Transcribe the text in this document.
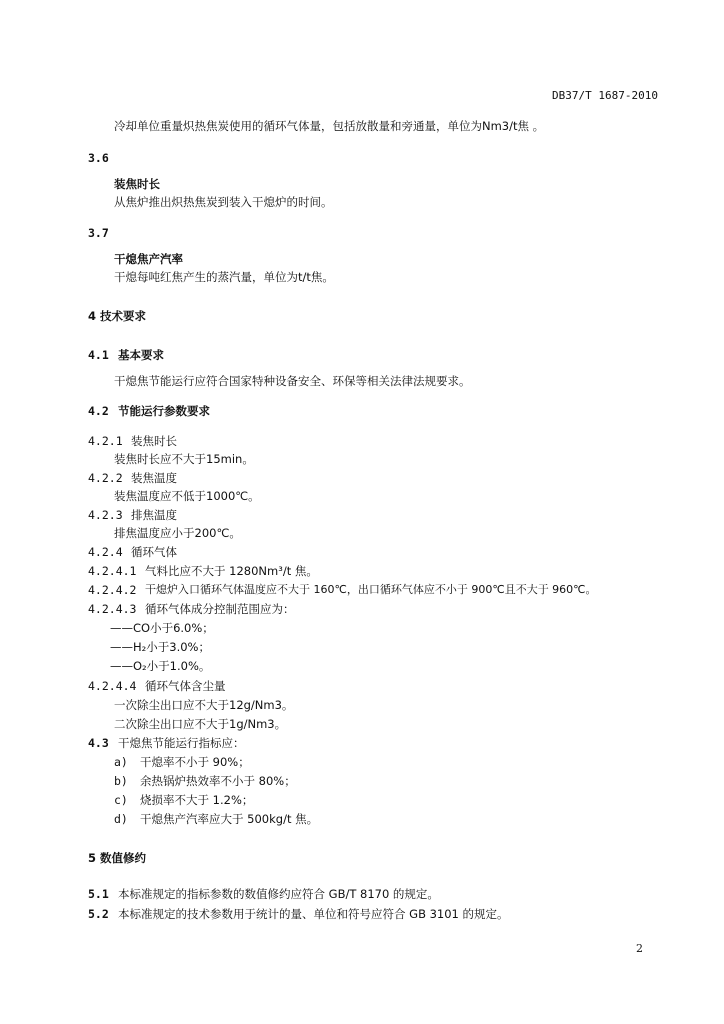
DB37/T 1687-2010
冷却单位重量炽热焦炭使用的循环气体量，包括放散量和旁通量，单位为Nm3/t焦 。
3.6
装焦时长
从焦炉推出炽热焦炭到装入干熄炉的时间。
3.7
干熄焦产汽率
干熄每吨红焦产生的蒸汽量，单位为t/t焦。
4 技术要求
4.1 基本要求
干熄焦节能运行应符合国家特种设备安全、环保等相关法律法规要求。
4.2 节能运行参数要求
4.2.1 装焦时长
装焦时长应不大于15min。
4.2.2 装焦温度
装焦温度应不低于1000℃。
4.2.3 排焦温度
排焦温度应小于200℃。
4.2.4 循环气体
4.2.4.1 气料比应不大于 1280Nm³/t 焦。
4.2.4.2 干熄炉入口循环气体温度应不大于 160℃，出口循环气体应不小于 900℃且不大于 960℃。
4.2.4.3 循环气体成分控制范围应为：
——CO小于6.0%；
——H₂小于3.0%；
——O₂小于1.0%。
4.2.4.4 循环气体含尘量
一次除尘出口应不大于12g/Nm3。
二次除尘出口应不大于1g/Nm3。
4.3 干熄焦节能运行指标应：
a) 干熄率不小于 90%；
b) 余热锅炉热效率不小于 80%；
c) 烧损率不大于 1.2%；
d) 干熄焦产汽率应大于 500kg/t 焦。
5 数值修约
5.1 本标准规定的指标参数的数值修约应符合 GB/T 8170 的规定。
5.2 本标准规定的技术参数用于统计的量、单位和符号应符合 GB 3101 的规定。
2
